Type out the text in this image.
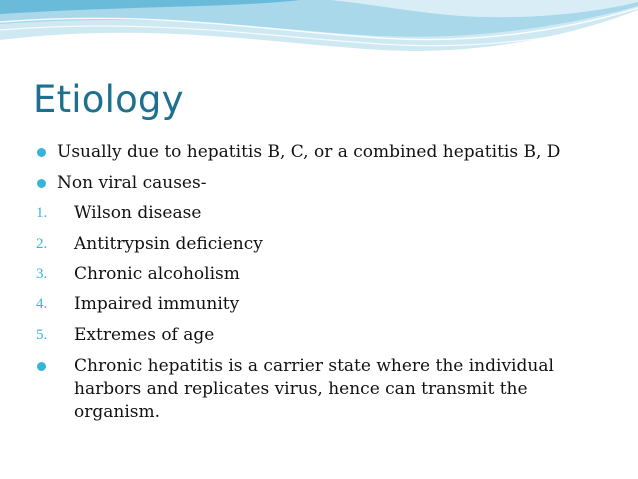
Etiology
Usually due to hepatitis B, C, or a combined hepatitis B, D
Non viral causes-
1. Wilson disease
2. Antitrypsin deficiency
3. Chronic alcoholism
4. Impaired immunity
5. Extremes of age
Chronic hepatitis is a carrier state where the individual
harbors and replicates virus, hence can transmit the
organism.
